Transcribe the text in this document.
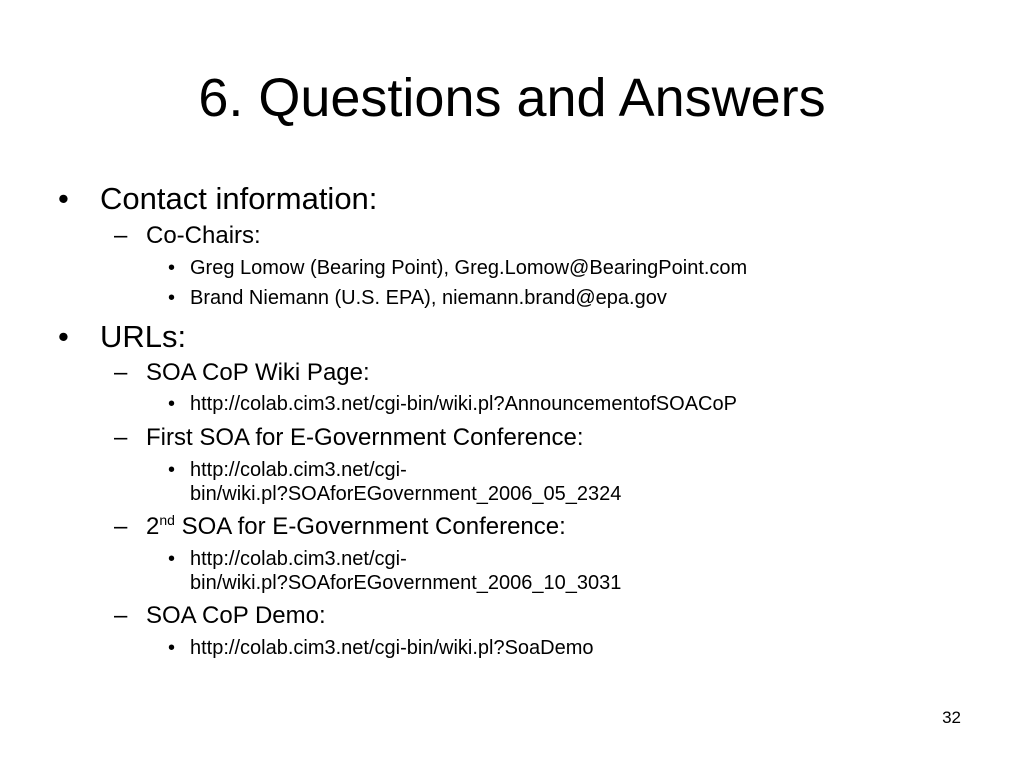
6. Questions and Answers
• Contact information:
– Co-Chairs:
• Greg Lomow (Bearing Point), Greg.Lomow@BearingPoint.com
• Brand Niemann (U.S. EPA), niemann.brand@epa.gov
• URLs:
– SOA CoP Wiki Page:
• http://colab.cim3.net/cgi-bin/wiki.pl?AnnouncementofSOACoP
– First SOA for E-Government Conference:
• http://colab.cim3.net/cgi-
bin/wiki.pl?SOAforEGovernment_2006_05_2324
– 2nd SOA for E-Government Conference:
• http://colab.cim3.net/cgi-
bin/wiki.pl?SOAforEGovernment_2006_10_3031
– SOA CoP Demo:
• http://colab.cim3.net/cgi-bin/wiki.pl?SoaDemo
32
